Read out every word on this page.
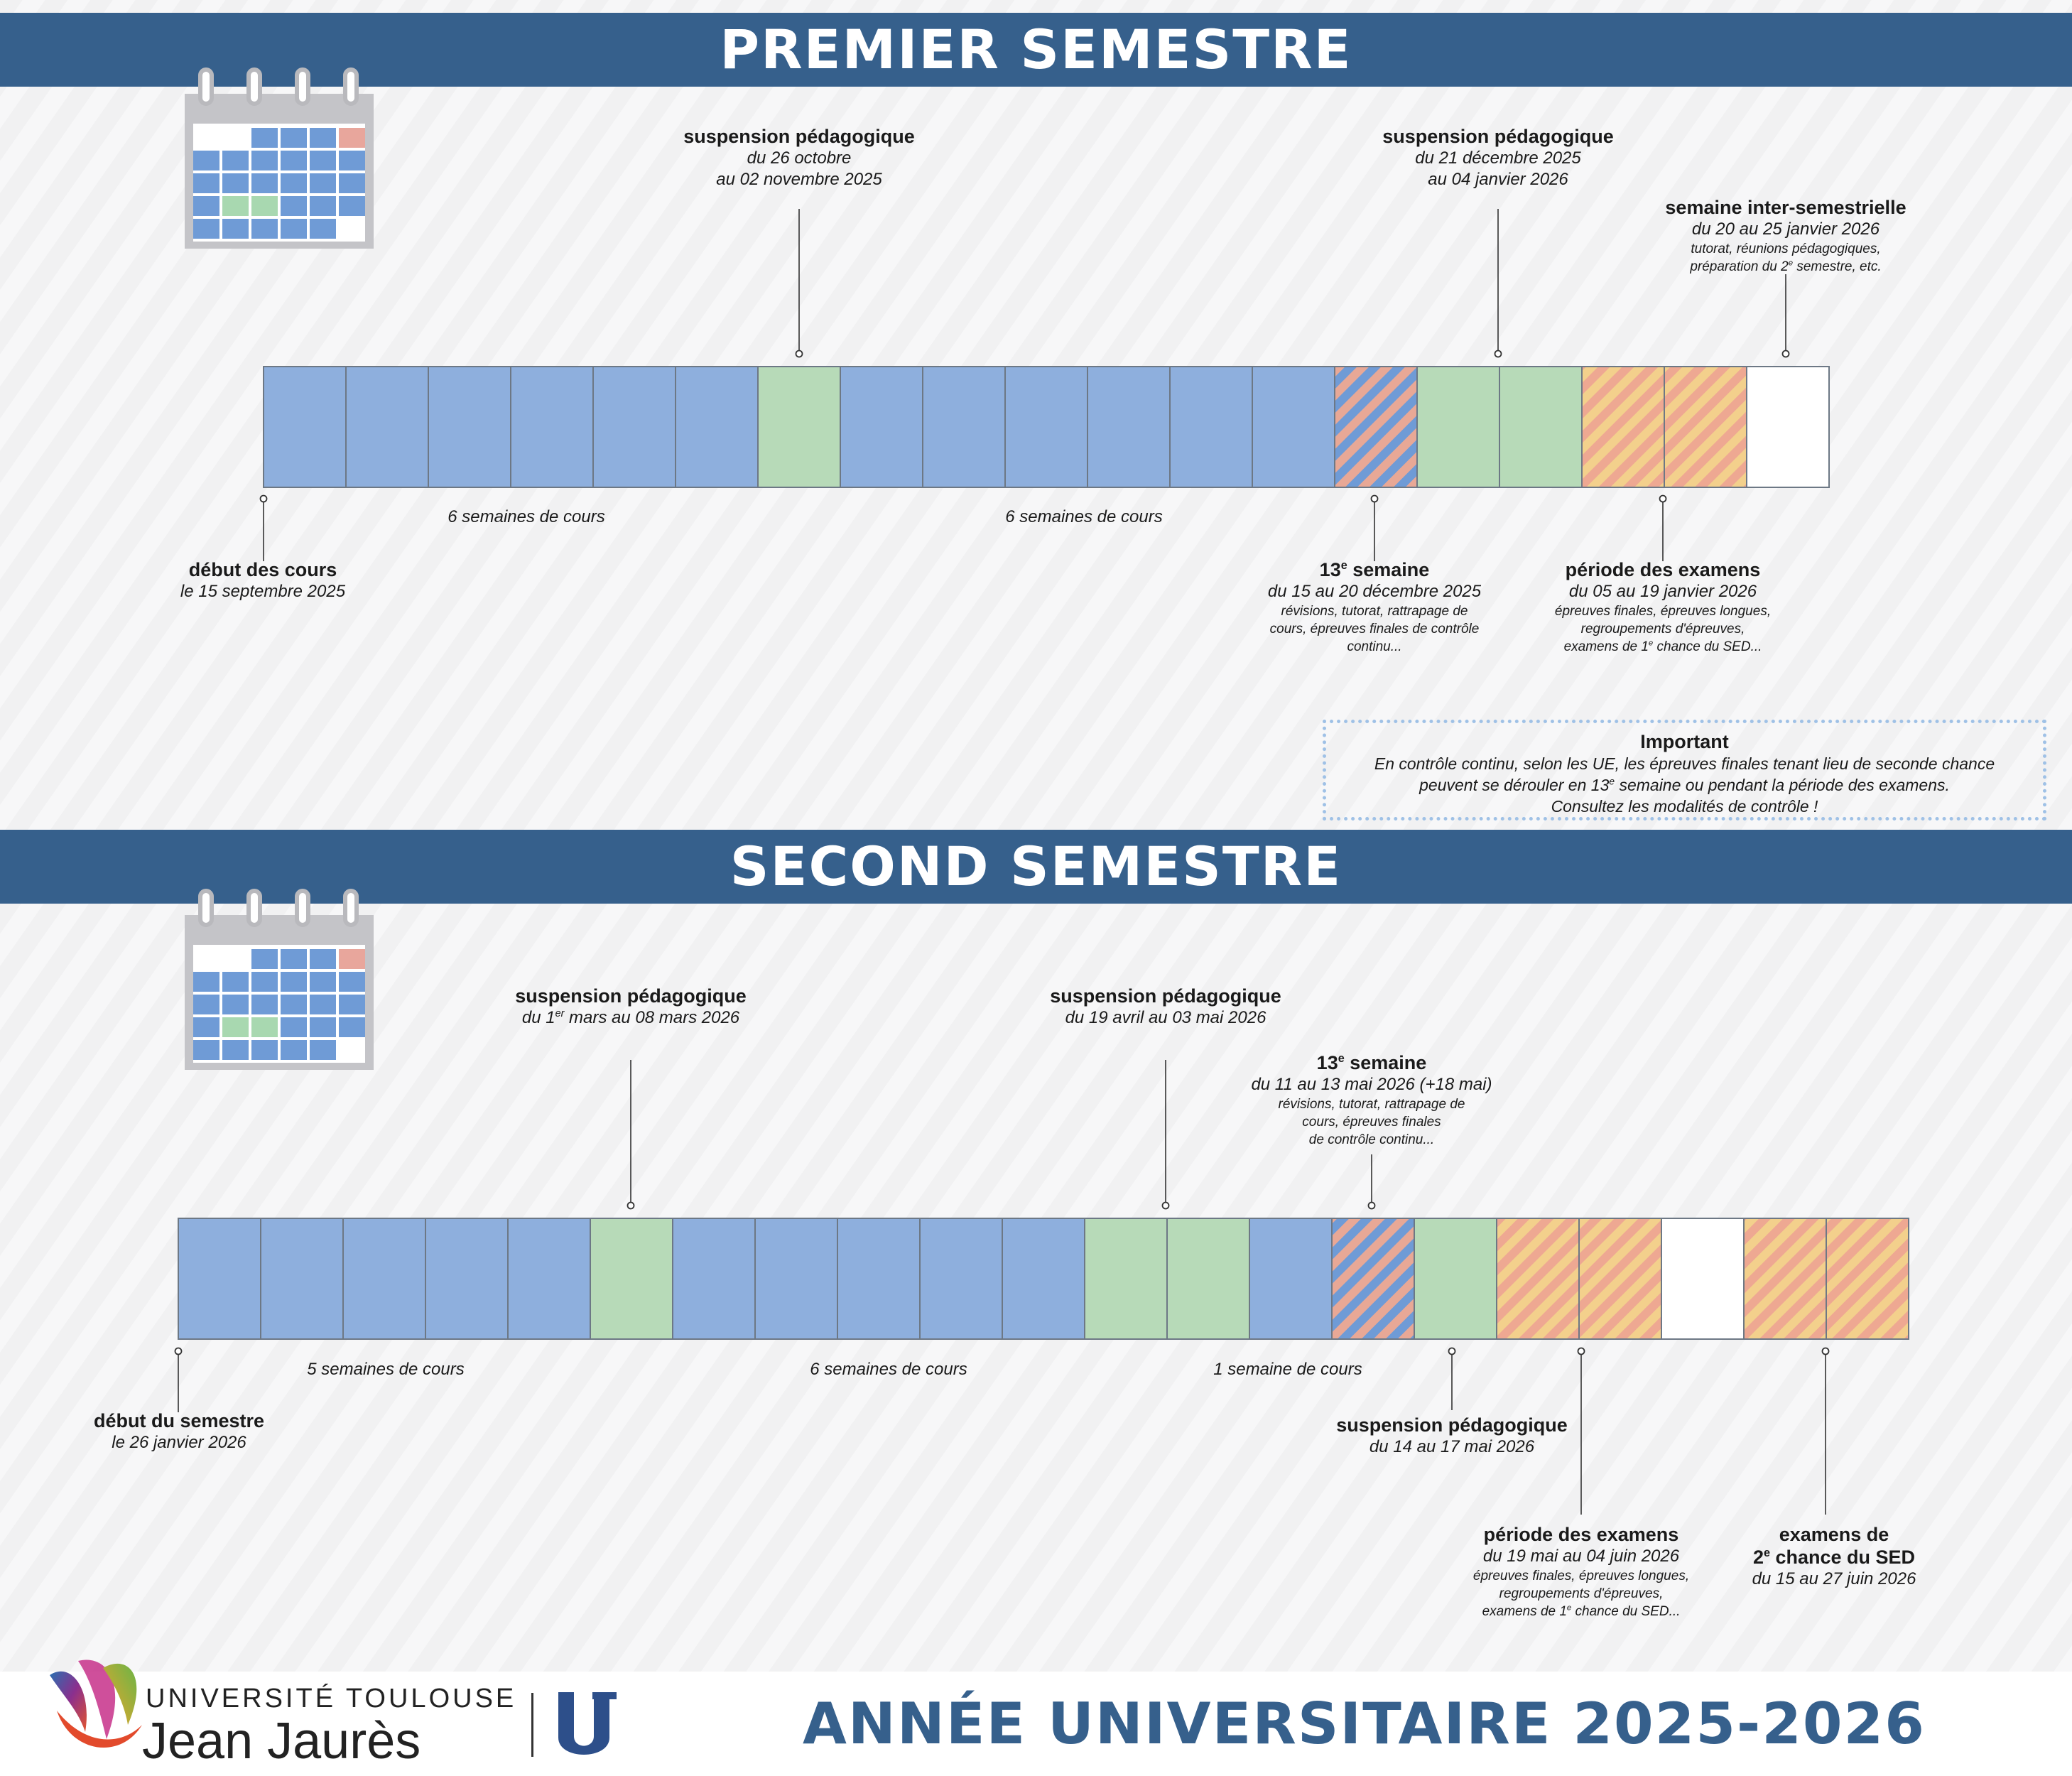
PREMIER SEMESTRE
suspension pédagogique
du 26 octobre
au 02 novembre 2025
suspension pédagogique
du 21 décembre 2025
au 04 janvier 2026
semaine inter-semestrielle
du 20 au 25 janvier 2026
tutorat, réunions pédagogiques,
préparation du 2e semestre, etc.
début des cours
le 15 septembre 2025
6 semaines de cours	6 semaines de cours
13e semaine
du 15 au 20 décembre 2025
révisions, tutorat, rattrapage de
cours, épreuves finales de contrôle
continu...
période des examens
du 05 au 19 janvier 2026
épreuves finales, épreuves longues,
regroupements d'épreuves,
examens de 1e chance du SED...
Important
En contrôle continu, selon les UE, les épreuves finales tenant lieu de seconde chance
peuvent se dérouler en 13e semaine ou pendant la période des examens.
Consultez les modalités de contrôle !
SECOND SEMESTRE
suspension pédagogique
du 1er mars au 08 mars 2026
suspension pédagogique
du 19 avril au 03 mai 2026
13e semaine
du 11 au 13 mai 2026 (+18 mai)
révisions, tutorat, rattrapage de
cours, épreuves finales
de contrôle continu...
début du semestre
le 26 janvier 2026
5 semaines de cours	6 semaines de cours	1 semaine de cours
suspension pédagogique
du 14 au 17 mai 2026
période des examens
du 19 mai au 04 juin 2026
épreuves finales, épreuves longues,
regroupements d'épreuves,
examens de 1e chance du SED...
examens de
2e chance du SED
du 15 au 27 juin 2026
UNIVERSITÉ TOULOUSE
Jean Jaurès	ANNÉE UNIVERSITAIRE 2025-2026
